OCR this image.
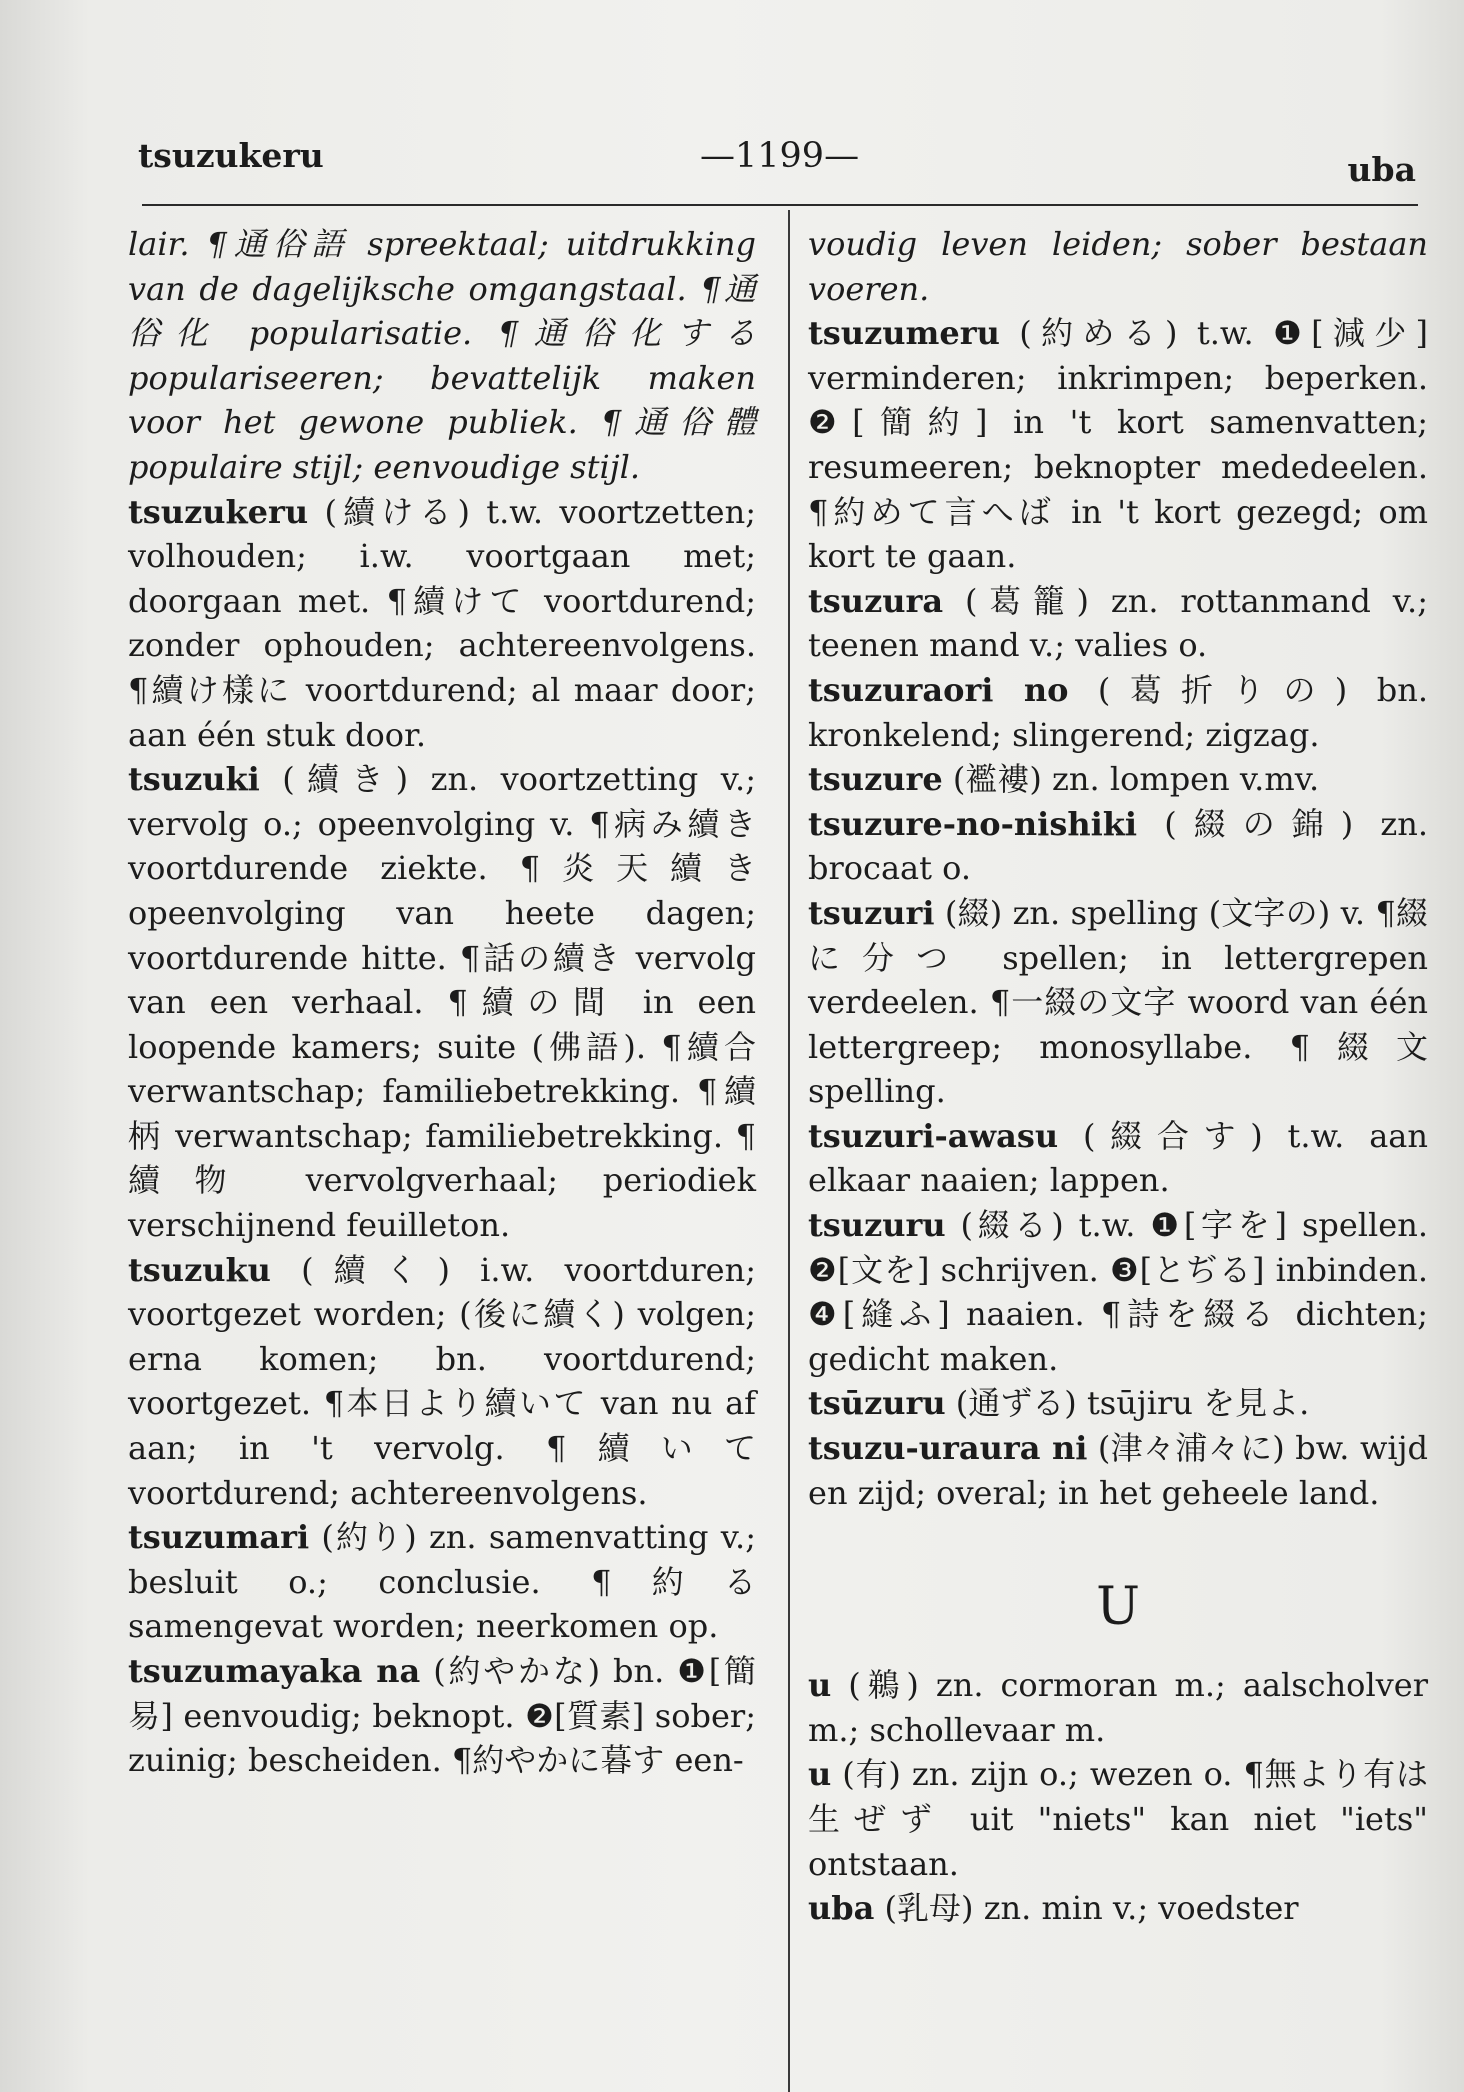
tsuzukeru	—1199—	uba

lair. ¶通俗語 spreektaal; uitdrukking van de dagelijksche omgangstaal. ¶通俗化 popularisatie. ¶通俗化する populariseeren; bevattelijk maken voor het gewone publiek. ¶通俗體 populaire stijl; eenvoudige stijl.

tsuzukeru (續ける) t.w. voortzetten; volhouden; i.w. voortgaan met; doorgaan met. ¶續けて voortdurend; zonder ophouden; achtereenvolgens. ¶續け樣に voortdurend; al maar door; aan één stuk door.

tsuzuki (續き) zn. voortzetting v.; vervolg o.; opeenvolging v. ¶病み續き voortdurende ziekte. ¶炎天續き opeenvolging van heete dagen; voortdurende hitte. ¶話の續き vervolg van een verhaal. ¶續の間 in een loopende kamers; suite (佛語). ¶續合 verwantschap; familiebetrekking. ¶續柄 verwantschap; familiebetrekking. ¶續物 vervolgverhaal; periodiek verschijnend feuilleton.

tsuzuku (續く) i.w. voortduren; voortgezet worden; (後に續く) volgen; erna komen; bn. voortdurend; voortgezet. ¶本日より續いて van nu af aan; in 't vervolg. ¶續いて voortdurend; achtereenvolgens.

tsuzumari (約り) zn. samenvatting v.; besluit o.; conclusie. ¶約る samengevat worden; neerkomen op.

tsuzumayaka na (約やかな) bn. ❶[簡易] eenvoudig; beknopt. ❷[質素] sober; zuinig; bescheiden. ¶約やかに暮す een-

voudig leven leiden; sober bestaan voeren.

tsuzumeru (約める) t.w. ❶[減少] verminderen; inkrimpen; beperken. ❷[簡約] in 't kort samenvatten; resumeeren; beknopter mededeelen. ¶約めて言へば in 't kort gezegd; om kort te gaan.

tsuzura (葛籠) zn. rottanmand v.; teenen mand v.; valies o.

tsuzuraori no (葛折りの) bn. kronkelend; slingerend; zigzag.

tsuzure (襤褸) zn. lompen v.mv.

tsuzure-no-nishiki (綴の錦) zn. brocaat o.

tsuzuri (綴) zn. spelling (文字の) v. ¶綴に分つ spellen; in lettergrepen verdeelen. ¶一綴の文字 woord van één lettergreep; monosyllabe. ¶綴文 spelling.

tsuzuri-awasu (綴合す) t.w. aan elkaar naaien; lappen.

tsuzuru (綴る) t.w. ❶[字を] spellen. ❷[文を] schrijven. ❸[とぢる] inbinden. ❹[縫ふ] naaien. ¶詩を綴る dichten; gedicht maken.

tsūzuru (通ずる) tsūjiru を見よ.

tsuzu-uraura ni (津々浦々に) bw. wijd en zijd; overal; in het geheele land.

U

u (鵜) zn. cormoran m.; aalscholver m.; schollevaar m.

u (有) zn. zijn o.; wezen o. ¶無より有は生ぜず uit "niets" kan niet "iets" ontstaan.

uba (乳母) zn. min v.; voedster
